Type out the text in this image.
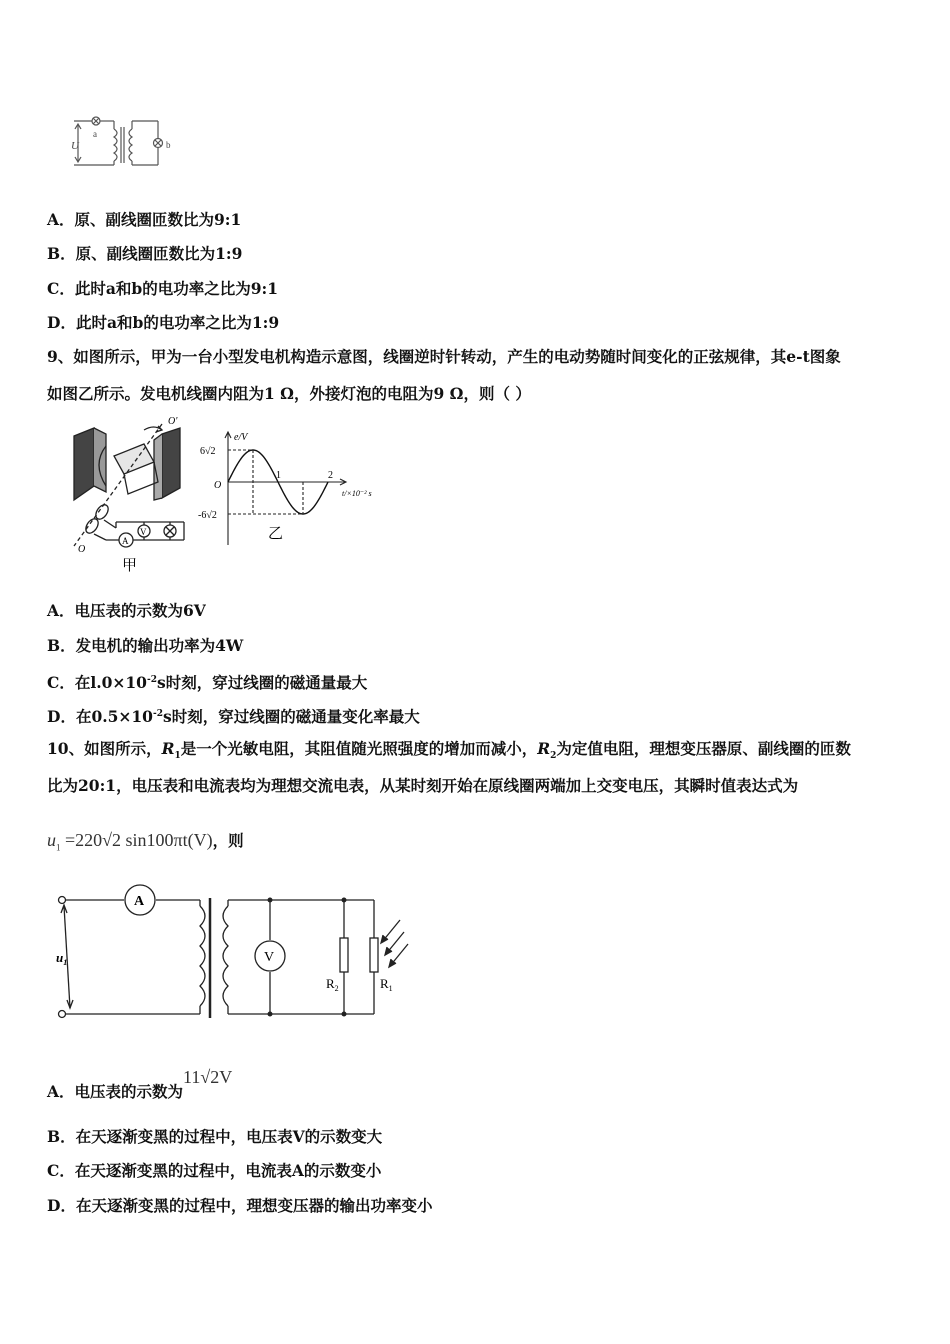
U
a
b
A．原、副线圈匝数比为9:1
B．原、副线圈匝数比为1:9
C．此时a和b的电功率之比为9:1
D．此时a和b的电功率之比为1:9
9、如图所示，甲为一台小型发电机构造示意图，线圈逆时针转动，产生的电动势随时间变化的正弦规律，其e-t图象
如图乙所示。发电机线圈内阻为1 Ω，外接灯泡的电阻为9 Ω，则（ ）
O'
O
A
V
甲
e/V
6√2
O
-6√2
1	2
t/×10⁻² s
乙
A．电压表的示数为6V
B．发电机的输出功率为4W
C．在$l.0\times 10^{-2}s$时刻，穿过线圈的磁通量最大
D．在$0.5\times 10^{-2}s$时刻，穿过线圈的磁通量变化率最大
10、如图所示，$R_1$是一个光敏电阻，其阻值随光照强度的增加而减小，$R_2$为定值电阻，理想变压器原、副线圈的匝数
比为20:1，电压表和电流表均为理想交流电表，从某时刻开始在原线圈两端加上交变电压，其瞬时值表达式为
$u_1 =220√2$ sin100πt(V)，则
A
V
$u_1$
$R_2$	$R_1$
A．电压表的示数为11√2V
B．在天逐渐变黑的过程中，电压表V的示数变大
C．在天逐渐变黑的过程中，电流表A的示数变小
D．在天逐渐变黑的过程中，理想变压器的输出功率变小
